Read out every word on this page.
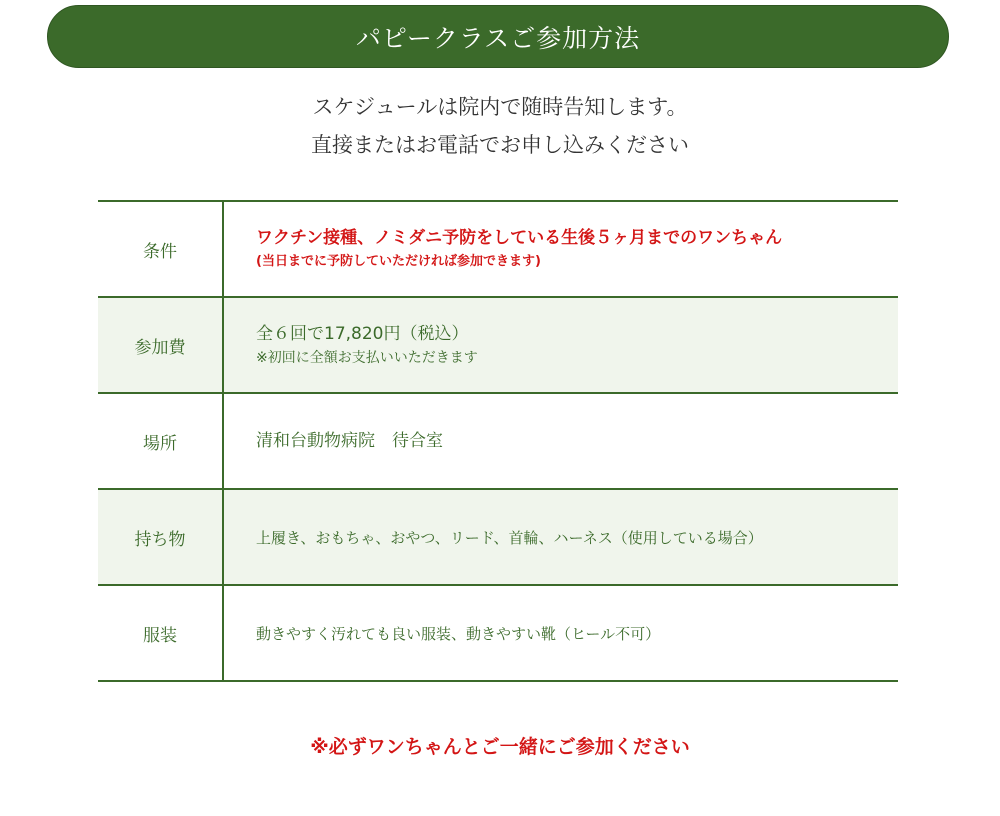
パピークラスご参加方法
スケジュールは院内で随時告知します。
直接またはお電話でお申し込みください
条件	ワクチン接種、ノミダニ予防をしている生後５ヶ月までのワンちゃん
(当日までに予防していただければ参加できます)

参加費	全６回で17,820円（税込）
※初回に全額お支払いいただきます

場所	清和台動物病院　待合室

持ち物	上履き、おもちゃ、おやつ、リード、首輪、ハーネス（使用している場合）

服装	動きやすく汚れても良い服装、動きやすい靴（ヒール不可）
※必ずワンちゃんとご一緒にご参加ください
